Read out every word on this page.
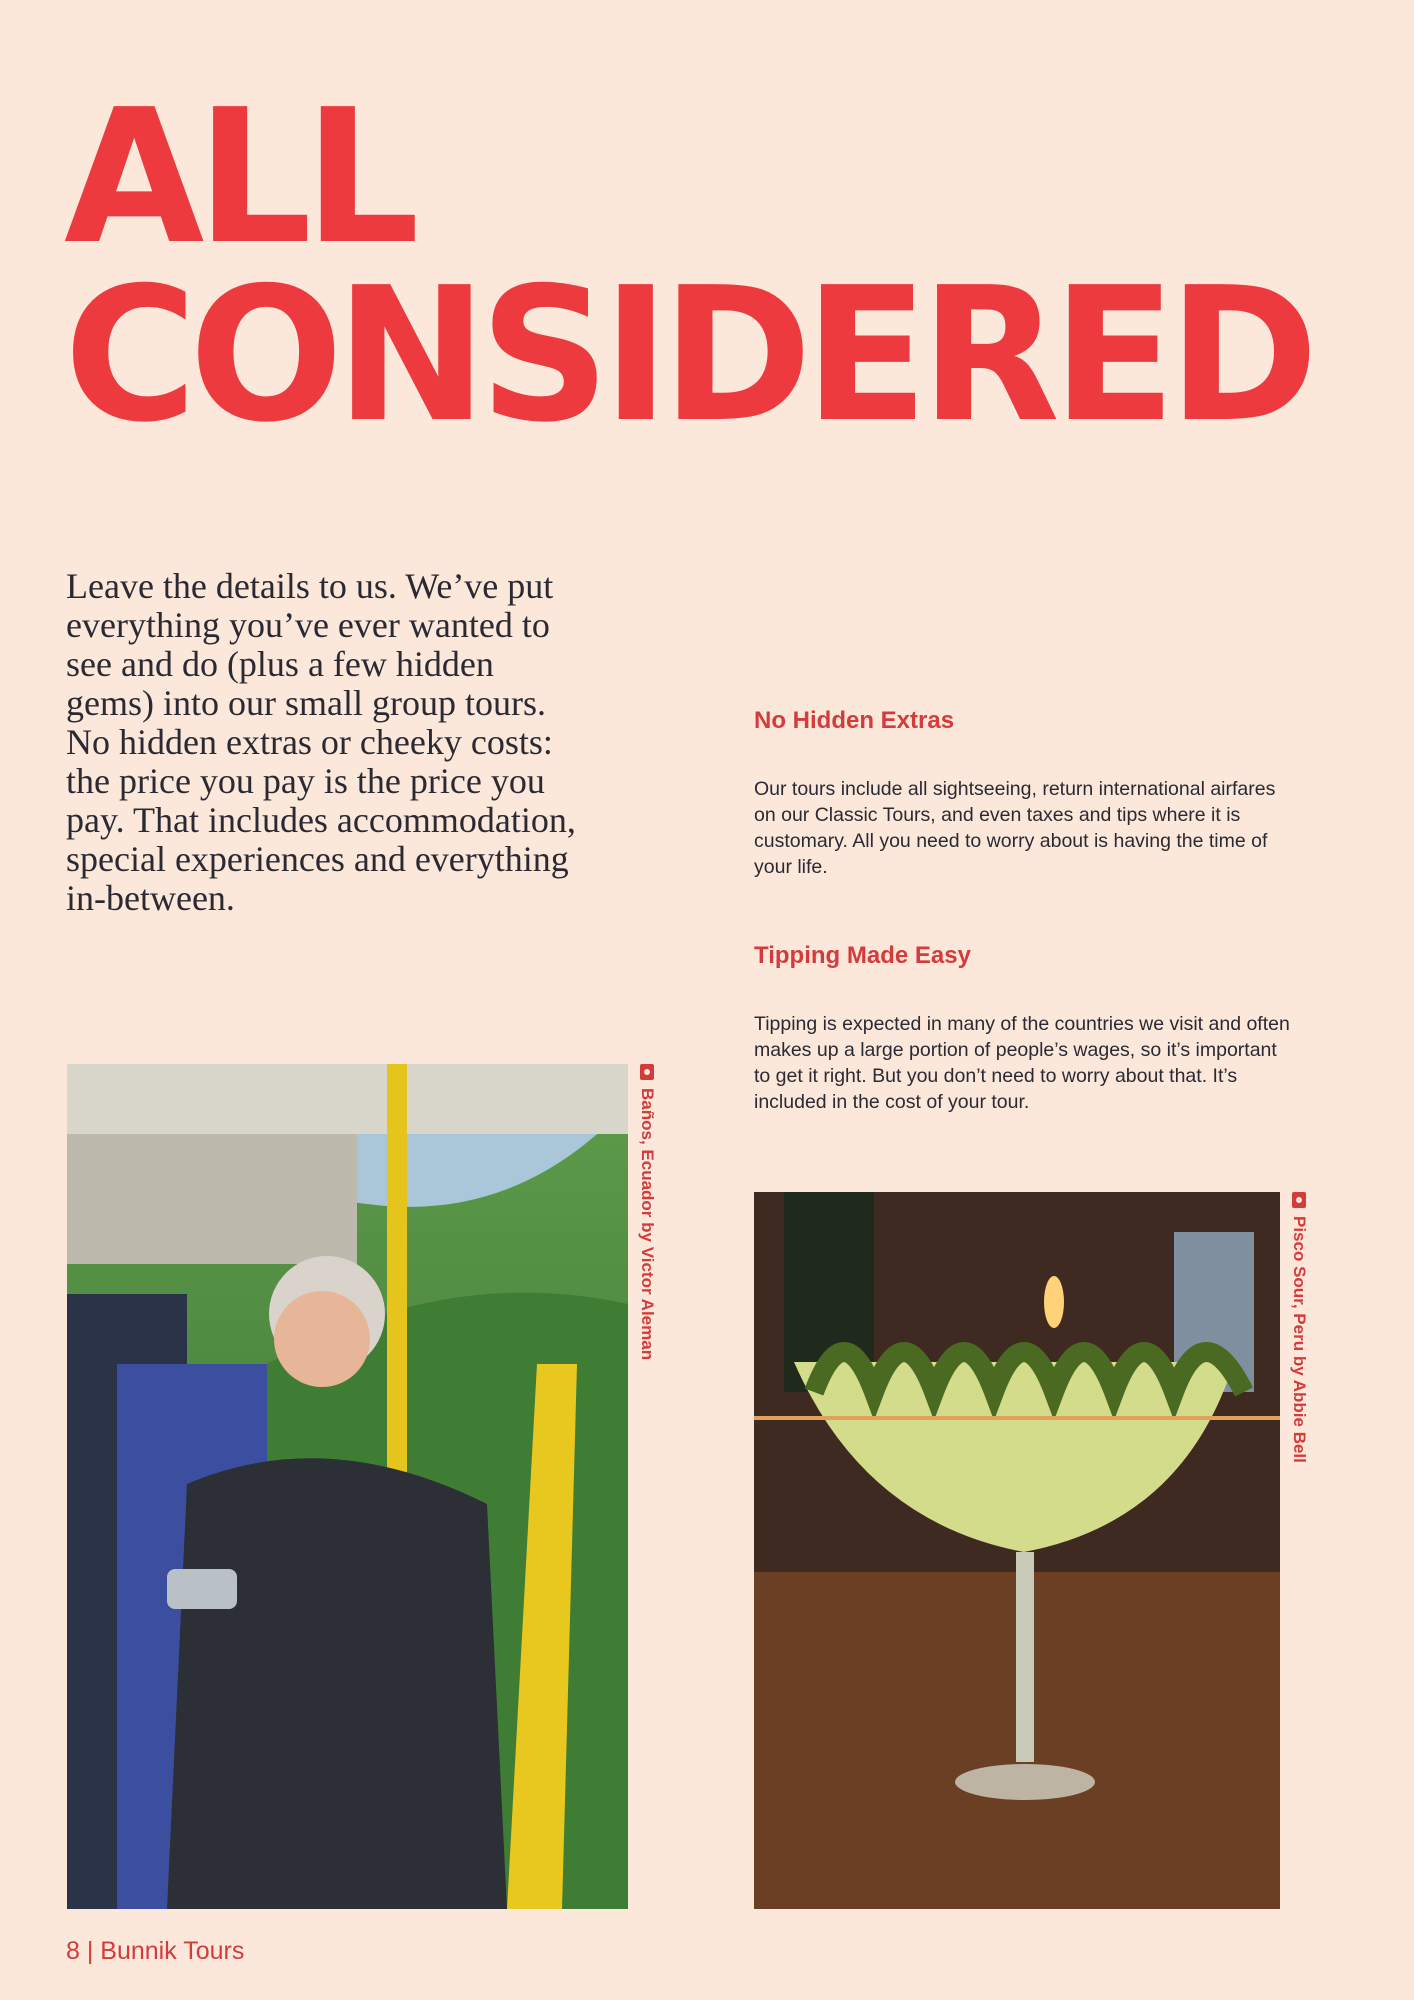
ALL
CONSIDERED

Leave the details to us. We’ve put everything you’ve ever wanted to see and do (plus a few hidden gems) into our small group tours. No hidden extras or cheeky costs: the price you pay is the price you pay. That includes accommodation, special experiences and everything in-between.

No Hidden Extras

Our tours include all sightseeing, return international airfares on our Classic Tours, and even taxes and tips where it is customary. All you need to worry about is having the time of your life.

Tipping Made Easy

Tipping is expected in many of the countries we visit and often makes up a large portion of people’s wages, so it’s important to get it right. But you don’t need to worry about that. It’s included in the cost of your tour.

Baños, Ecuador by Victor Aleman	Pisco Sour, Peru by Abbie Bell

8 | Bunnik Tours
